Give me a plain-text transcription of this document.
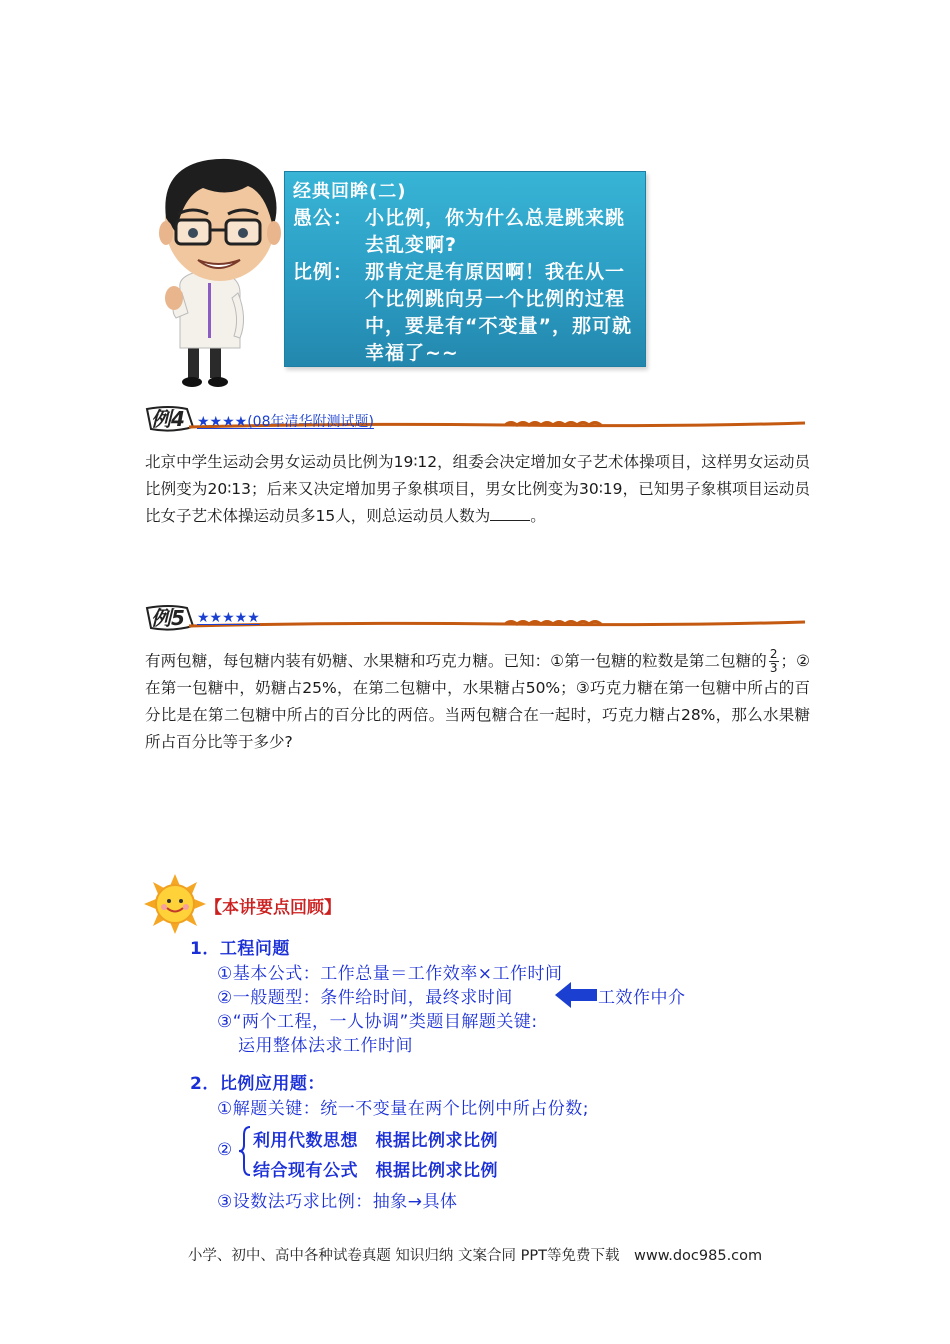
经典回眸(二)
愚公： 小比例，你为什么总是跳来跳去乱变啊?
比例： 那肯定是有原因啊！我在从一个比例跳向另一个比例的过程中，要是有“不变量”，那可就幸福了~~
例4 ★★★★(08年清华附测试题)
北京中学生运动会男女运动员比例为19∶12，组委会决定增加女子艺术体操项目，这样男女运动员比例变为20∶13；后来又决定增加男子象棋项目，男女比例变为30∶19，已知男子象棋项目运动员比女子艺术体操运动员多15人，则总运动员人数为	。
例5 ★★★★★
有两包糖，每包糖内装有奶糖、水果糖和巧克力糖。已知：①第一包糖的粒数是第二包糖的 $\frac{2}{3}$ ；②在第一包糖中，奶糖占25%，在第二包糖中，水果糖占50%；③巧克力糖在第一包糖中所占的百分比是在第二包糖中所占的百分比的两倍。当两包糖合在一起时，巧克力糖占28%，那么水果糖所占百分比等于多少?
【本讲要点回顾】
1．工程问题
①基本公式：工作总量＝工作效率×工作时间
②一般题型：条件给时间，最终求时间	工效作中介
③“两个工程，一人协调”类题目解题关键:
运用整体法求工作时间
2．比例应用题：
①解题关键：统一不变量在两个比例中所占份数;
② 利用代数思想　根据比例求比例
结合现有公式　根据比例求比例
③设数法巧求比例：抽象→具体
小学、初中、高中各种试卷真题 知识归纳 文案合同 PPT等免费下载　www.doc985.com
